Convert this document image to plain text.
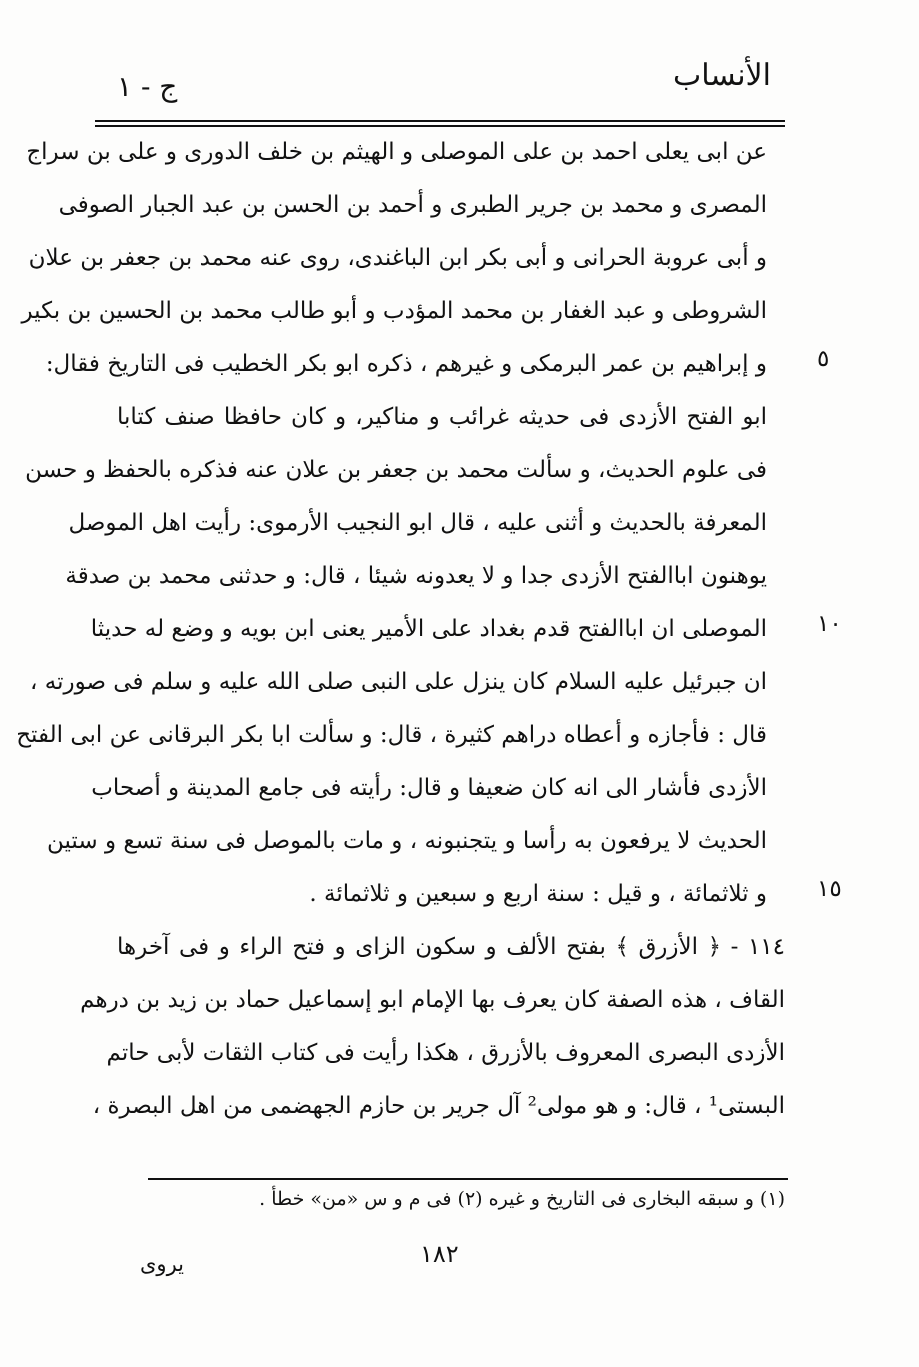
الأنساب
ج - ١
عن ابى يعلى احمد بن على الموصلى و الهيثم بن خلف الدورى و على بن سراج
المصرى و محمد بن جرير الطبرى و أحمد بن الحسن بن عبد الجبار الصوفى
و أبى عروبة الحرانى و أبى بكر ابن الباغندى، روى عنه محمد بن جعفر بن علان
الشروطى و عبد الغفار بن محمد المؤدب و أبو طالب محمد بن الحسين بن بكير
و إبراهيم بن عمر البرمكى و غيرهم ، ذكره ابو بكر الخطيب فى التاريخ فقال: ٥
ابو الفتح الأزدى فى حديثه غرائب و مناكير، و كان حافظا صنف كتابا
فى علوم الحديث، و سألت محمد بن جعفر بن علان عنه فذكره بالحفظ و حسن
المعرفة بالحديث و أثنى عليه ، قال ابو النجيب الأرموى: رأيت اهل الموصل
يوهنون اباالفتح الأزدى جدا و لا يعدونه شيئا ، قال: و حدثنى محمد بن صدقة
الموصلى ان اباالفتح قدم بغداد على الأمير يعنى ابن بويه و وضع له حديثا ١٠
ان جبرئيل عليه السلام كان ينزل على النبى صلى الله عليه و سلم فى صورته ،
قال : فأجازه و أعطاه دراهم كثيرة ، قال: و سألت ابا بكر البرقانى عن ابى الفتح
الأزدى فأشار الى انه كان ضعيفا و قال: رأيته فى جامع المدينة و أصحاب
الحديث لا يرفعون به رأسا و يتجنبونه ، و مات بالموصل فى سنة تسع و ستين
و ثلاثمائة ، و قيل : سنة اربع و سبعين و ثلاثمائة . ١٥
١١٤ - ﴿ الأزرق ﴾ بفتح الألف و سكون الزاى و فتح الراء و فى آخرها
القاف ، هذه الصفة كان يعرف بها الإمام ابو إسماعيل حماد بن زيد بن درهم
الأزدى البصرى المعروف بالأزرق ، هكذا رأيت فى كتاب الثقات لأبى حاتم
البستى¹ ، قال: و هو مولى² آل جرير بن حازم الجهضمى من اهل البصرة ،
(١) و سبقه البخارى فى التاريخ و غيره (٢) فى م و س «من» خطأ .
١٨٢
يروى
